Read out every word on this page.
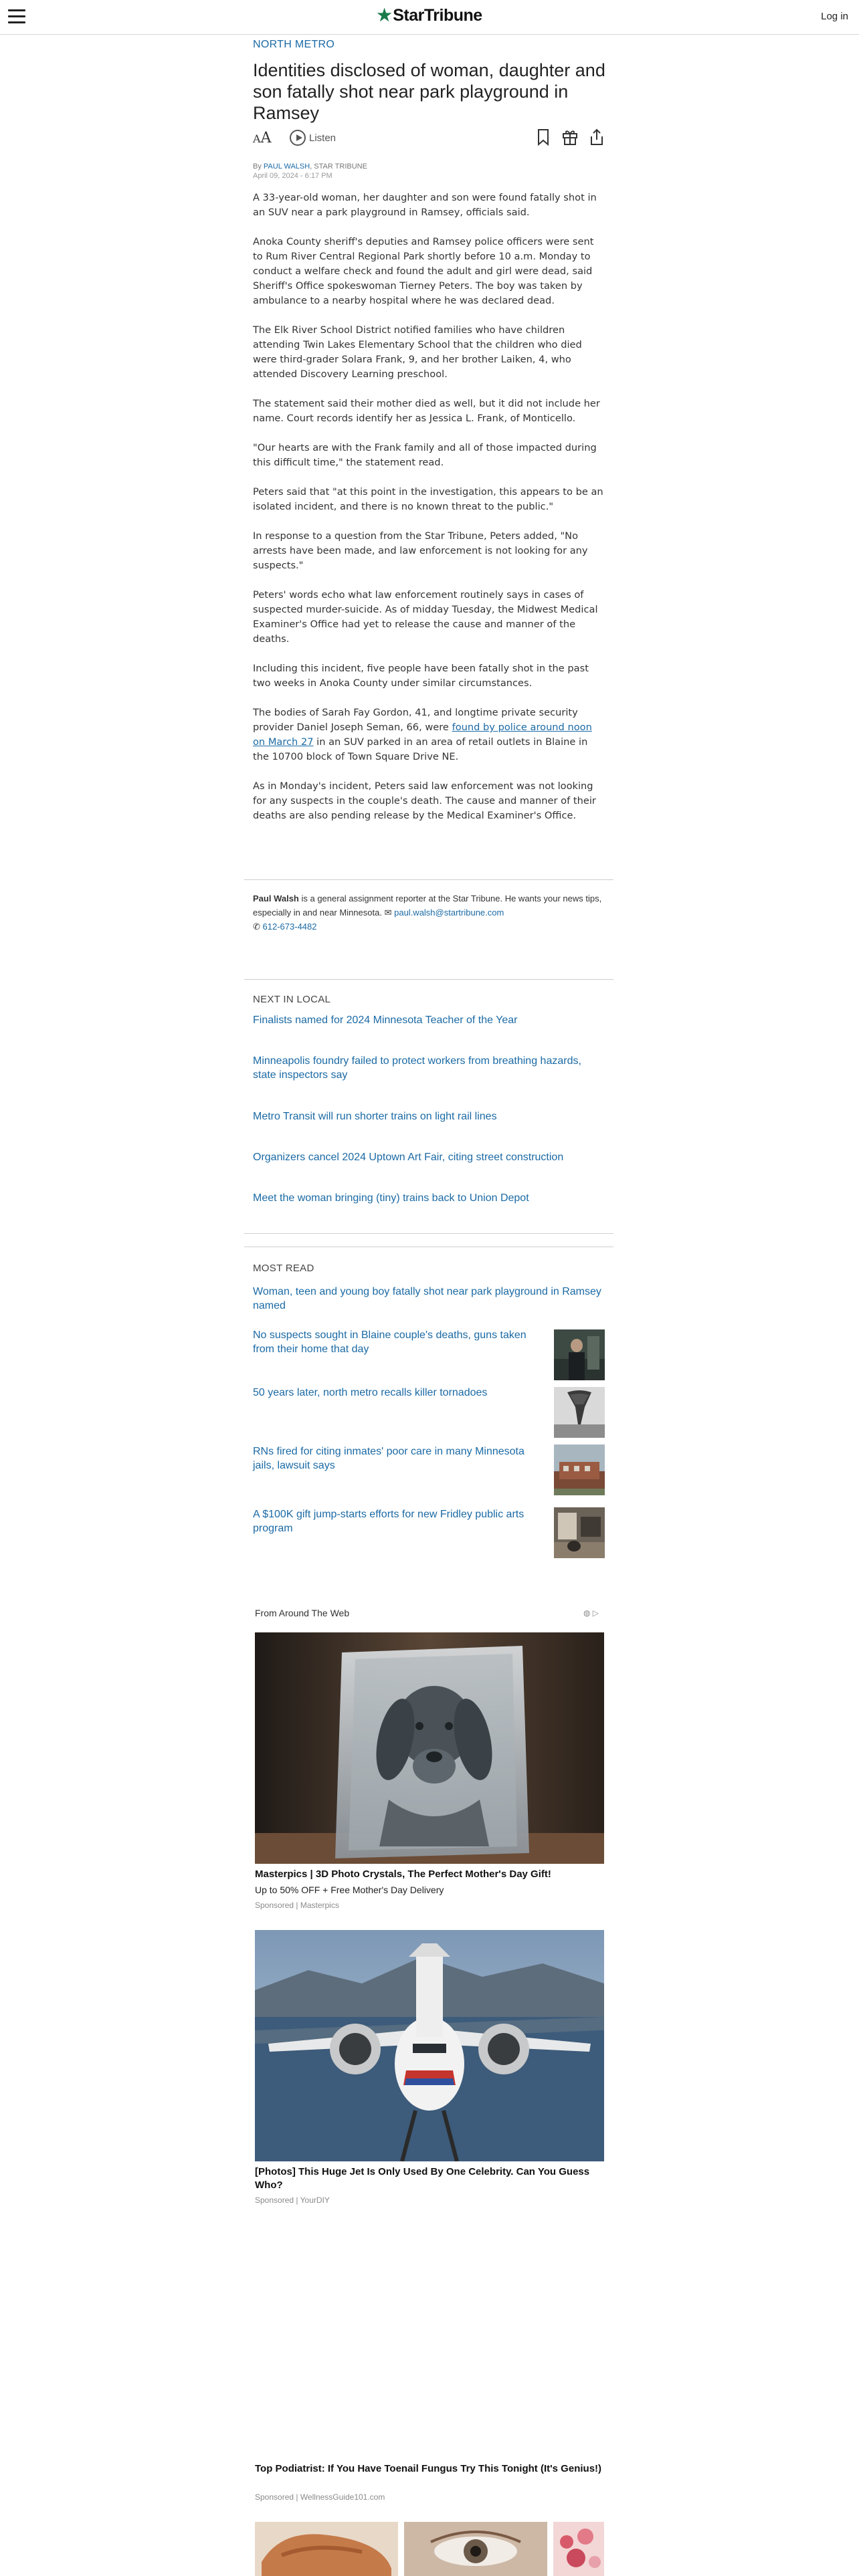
★StarTribune	Log in
NORTH METRO
Identities disclosed of woman, daughter and son fatally shot near park playground in Ramsey
AA	Listen
By PAUL WALSH, STAR TRIBUNE
April 09, 2024 - 6:17 PM

A 33-year-old woman, her daughter and son were found fatally shot in an SUV near a park playground in Ramsey, officials said.

Anoka County sheriff's deputies and Ramsey police officers were sent to Rum River Central Regional Park shortly before 10 a.m. Monday to conduct a welfare check and found the adult and girl were dead, said Sheriff's Office spokeswoman Tierney Peters. The boy was taken by ambulance to a nearby hospital where he was declared dead.

The Elk River School District notified families who have children attending Twin Lakes Elementary School that the children who died were third-grader Solara Frank, 9, and her brother Laiken, 4, who attended Discovery Learning preschool.

The statement said their mother died as well, but it did not include her name. Court records identify her as Jessica L. Frank, of Monticello.

"Our hearts are with the Frank family and all of those impacted during this difficult time," the statement read.

Peters said that "at this point in the investigation, this appears to be an isolated incident, and there is no known threat to the public."

In response to a question from the Star Tribune, Peters added, "No arrests have been made, and law enforcement is not looking for any suspects."

Peters' words echo what law enforcement routinely says in cases of suspected murder-suicide. As of midday Tuesday, the Midwest Medical Examiner's Office had yet to release the cause and manner of the deaths.

Including this incident, five people have been fatally shot in the past two weeks in Anoka County under similar circumstances.

The bodies of Sarah Fay Gordon, 41, and longtime private security provider Daniel Joseph Seman, 66, were found by police around noon on March 27 in an SUV parked in an area of retail outlets in Blaine in the 10700 block of Town Square Drive NE.

As in Monday's incident, Peters said law enforcement was not looking for any suspects in the couple's death. The cause and manner of their deaths are also pending release by the Medical Examiner's Office.

Paul Walsh is a general assignment reporter at the Star Tribune. He wants your news tips, especially in and near Minnesota. ✉ paul.walsh@startribune.com
✆ 612-673-4482
NEXT IN LOCAL
Finalists named for 2024 Minnesota Teacher of the Year
Minneapolis foundry failed to protect workers from breathing hazards, state inspectors say
Metro Transit will run shorter trains on light rail lines
Organizers cancel 2024 Uptown Art Fair, citing street construction
Meet the woman bringing (tiny) trains back to Union Depot
MOST READ
Woman, teen and young boy fatally shot near park playground in Ramsey named
No suspects sought in Blaine couple's deaths, guns taken from their home that day
50 years later, north metro recalls killer tornadoes
RNs fired for citing inmates' poor care in many Minnesota jails, lawsuit says
A $100K gift jump-starts efforts for new Fridley public arts program
From Around The Web	◍ ▷
Masterpics | 3D Photo Crystals, The Perfect Mother's Day Gift!
Up to 50% OFF + Free Mother's Day Delivery
Sponsored | Masterpics
[Photos] This Huge Jet Is Only Used By One Celebrity. Can You Guess Who?
Sponsored | YourDIY
Top Podiatrist: If You Have Toenail Fungus Try This Tonight (It's Genius!)
Sponsored | WellnessGuide101.com
